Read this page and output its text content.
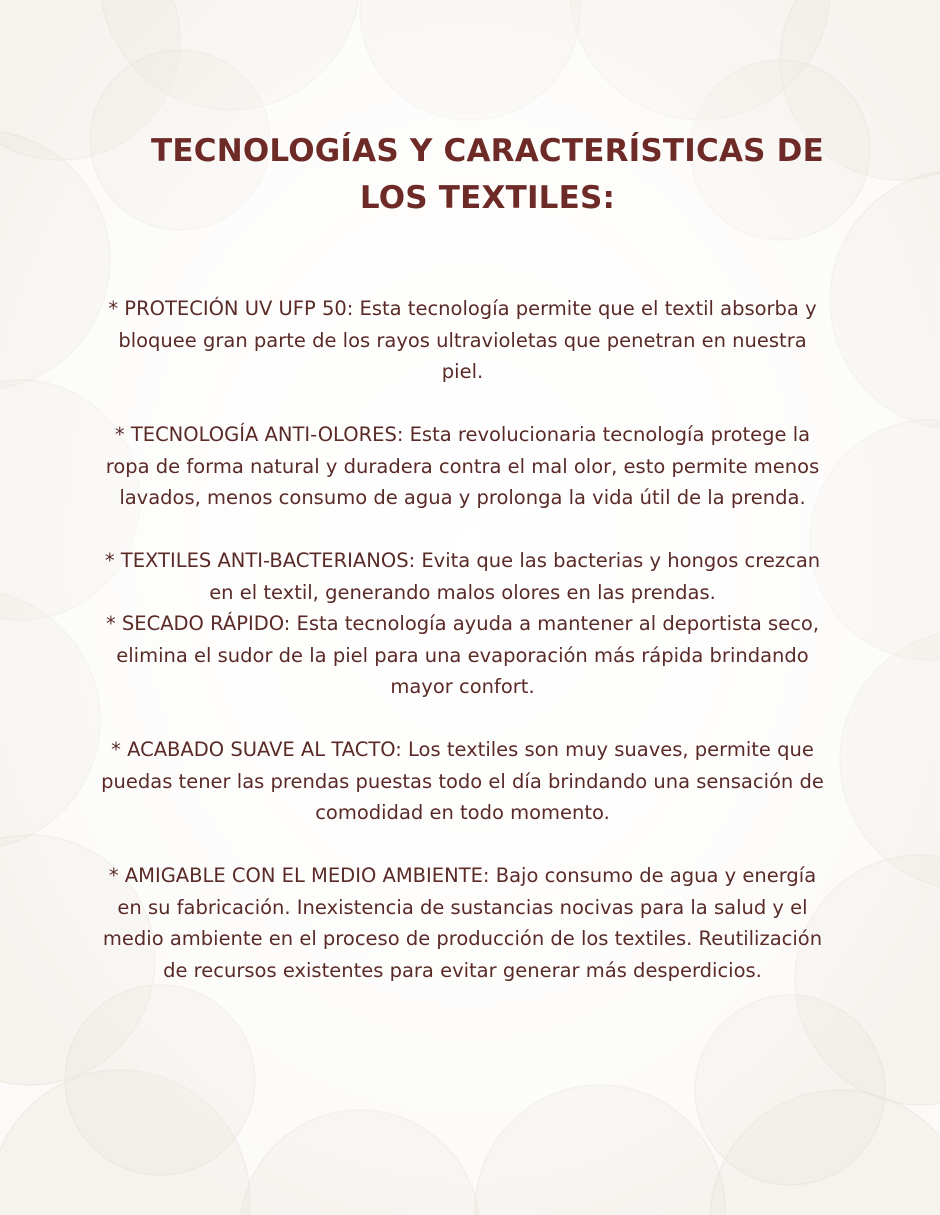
TECNOLOGÍAS Y CARACTERÍSTICAS DE LOS TEXTILES:

* PROTECIÓN UV UFP 50: Esta tecnología permite que el textil absorba y bloquee gran parte de los rayos ultravioletas que penetran en nuestra piel.

* TECNOLOGÍA ANTI-OLORES: Esta revolucionaria tecnología protege la ropa de forma natural y duradera contra el mal olor, esto permite menos lavados, menos consumo de agua y prolonga la vida útil de la prenda.

* TEXTILES ANTI-BACTERIANOS: Evita que las bacterias y hongos crezcan en el textil, generando malos olores en las prendas.

* SECADO RÁPIDO: Esta tecnología ayuda a mantener al deportista seco, elimina el sudor de la piel para una evaporación más rápida brindando mayor confort.

* ACABADO SUAVE AL TACTO: Los textiles son muy suaves, permite que puedas tener las prendas puestas todo el día brindando una sensación de comodidad en todo momento.

* AMIGABLE CON EL MEDIO AMBIENTE: Bajo consumo de agua y energía en su fabricación. Inexistencia de sustancias nocivas para la salud y el medio ambiente en el proceso de producción de los textiles. Reutilización de recursos existentes para evitar generar más desperdicios.
